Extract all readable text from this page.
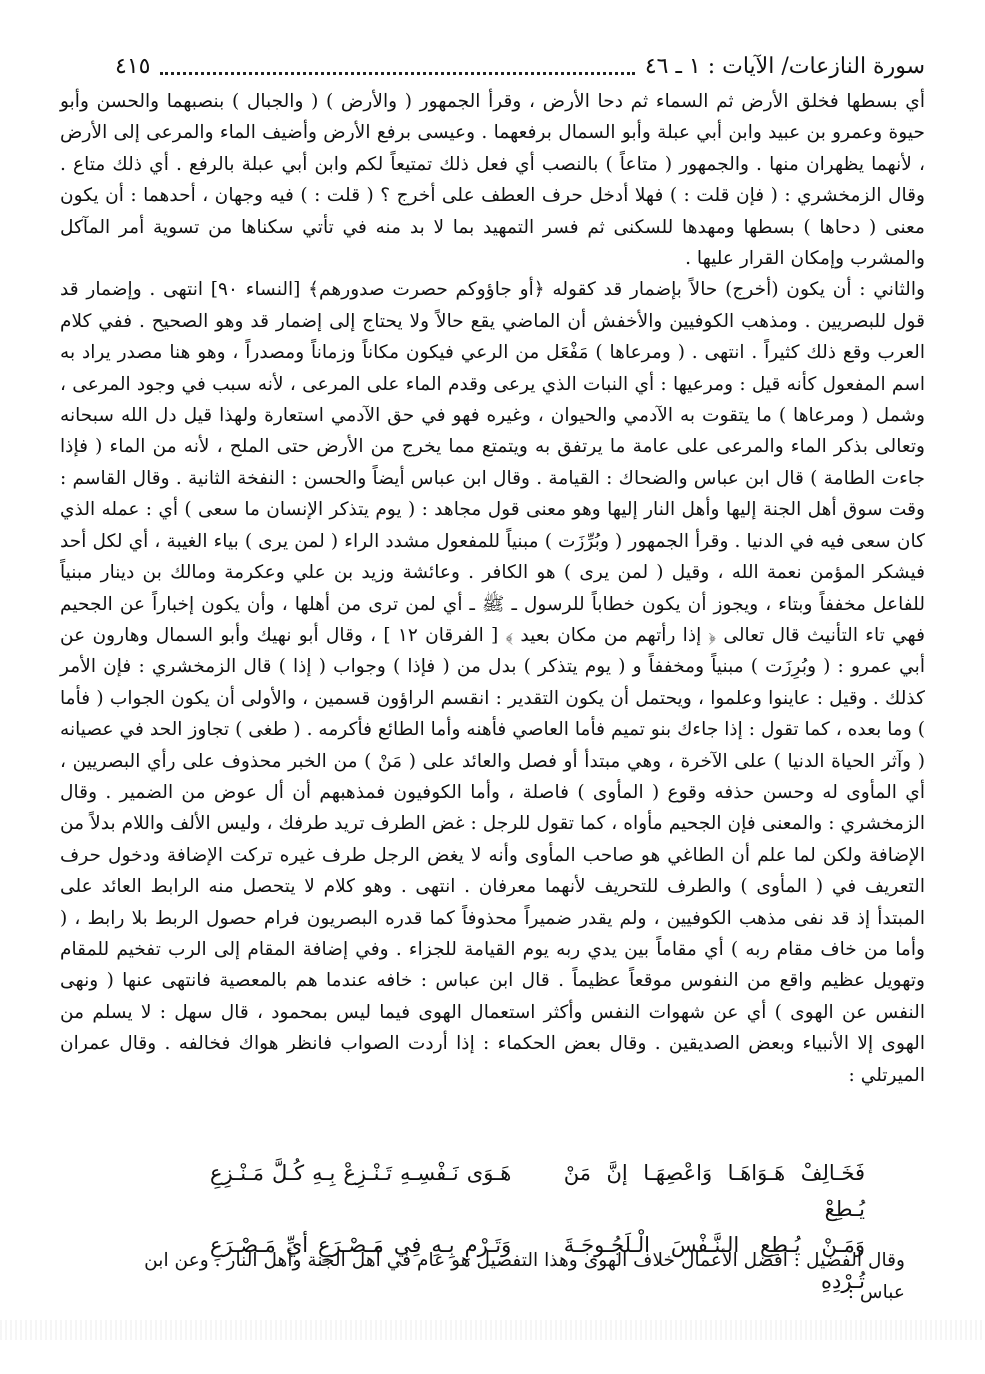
سورة النازعات/ الآيات : ١ ـ ٤٦
٤١٥

أي بسطها فخلق الأرض ثم السماء ثم دحا الأرض ، وقرأ الجمهور ( والأرض ) ( والجبال ) بنصبهما والحسن وأبو حيوة وعمرو بن عبيد وابن أبي عبلة وأبو السمال برفعهما . وعيسى برفع الأرض وأضيف الماء والمرعى إلى الأرض ، لأنهما يظهران منها . والجمهور ( متاعاً ) بالنصب أي فعل ذلك تمتيعاً لكم وابن أبي عبلة بالرفع . أي ذلك متاع . وقال الزمخشري : ( فإن قلت : ) فهلا أدخل حرف العطف على أخرج ؟ ( قلت : ) فيه وجهان ، أحدهما : أن يكون معنى ( دحاها ) بسطها ومهدها للسكنى ثم فسر التمهيد بما لا بد منه في تأتي سكناها من تسوية أمر المآكل والمشرب وإمكان القرار عليها .

والثاني : أن يكون (أخرج) حالاً بإضمار قد كقوله ﴿أو جاؤوكم حصرت صدورهم﴾ [النساء ٩٠] انتهى . وإضمار قد قول للبصريين . ومذهب الكوفيين والأخفش أن الماضي يقع حالاً ولا يحتاج إلى إضمار قد وهو الصحيح . ففي كلام العرب وقع ذلك كثيراً . انتهى . ( ومرعاها ) مَفْعَل من الرعي فيكون مكاناً وزماناً ومصدراً ، وهو هنا مصدر يراد به اسم المفعول كأنه قيل : ومرعيها : أي النبات الذي يرعى وقدم الماء على المرعى ، لأنه سبب في وجود المرعى ، وشمل ( ومرعاها ) ما يتقوت به الآدمي والحيوان ، وغيره فهو في حق الآدمي استعارة ولهذا قيل دل الله سبحانه وتعالى بذكر الماء والمرعى على عامة ما يرتفق به ويتمتع مما يخرج من الأرض حتى الملح ، لأنه من الماء ( فإذا جاءت الطامة ) قال ابن عباس والضحاك : القيامة . وقال ابن عباس أيضاً والحسن : النفخة الثانية . وقال القاسم : وقت سوق أهل الجنة إليها وأهل النار إليها وهو معنى قول مجاهد : ( يوم يتذكر الإنسان ما سعى ) أي : عمله الذي كان سعى فيه في الدنيا . وقرأ الجمهور ( وبُرِّزَت ) مبنياً للمفعول مشدد الراء ( لمن يرى ) بياء الغيبة ، أي لكل أحد فيشكر المؤمن نعمة الله ، وقيل ( لمن يرى ) هو الكافر . وعائشة وزيد بن علي وعكرمة ومالك بن دينار مبنياً للفاعل مخففاً وبتاء ، ويجوز أن يكون خطاباً للرسول ـ ﷺ ـ أي لمن ترى من أهلها ، وأن يكون إخباراً عن الجحيم فهي تاء التأنيث قال تعالى ﴿ إذا رأتهم من مكان بعيد ﴾ [ الفرقان ١٢ ] ، وقال أبو نهيك وأبو السمال وهارون عن أبي عمرو : ( وبُرِزَت ) مبنياً ومخففاً و ( يوم يتذكر ) بدل من ( فإذا ) وجواب ( إذا ) قال الزمخشري : فإن الأمر كذلك . وقيل : عاينوا وعلموا ، ويحتمل أن يكون التقدير : انقسم الراؤون قسمين ، والأولى أن يكون الجواب ( فأما ) وما بعده ، كما تقول : إذا جاءك بنو تميم فأما العاصي فأهنه وأما الطائع فأكرمه . ( طغى ) تجاوز الحد في عصيانه ( وآثر الحياة الدنيا ) على الآخرة ، وهي مبتدأ أو فصل والعائد على ( مَنْ ) من الخبر محذوف على رأي البصريين ، أي المأوى له وحسن حذفه وقوع ( المأوى ) فاصلة ، وأما الكوفيون فمذهبهم أن أل عوض من الضمير . وقال الزمخشري : والمعنى فإن الجحيم مأواه ، كما تقول للرجل : غض الطرف تريد طرفك ، وليس الألف واللام بدلاً من الإضافة ولكن لما علم أن الطاغي هو صاحب المأوى وأنه لا يغض الرجل طرف غيره تركت الإضافة ودخول حرف التعريف في ( المأوى ) والطرف للتحريف لأنهما معرفان . انتهى . وهو كلام لا يتحصل منه الرابط العائد على المبتدأ إذ قد نفى مذهب الكوفيين ، ولم يقدر ضميراً محذوفاً كما قدره البصريون فرام حصول الربط بلا رابط ، ( وأما من خاف مقام ربه ) أي مقاماً بين يدي ربه يوم القيامة للجزاء . وفي إضافة المقام إلى الرب تفخيم للمقام وتهويل عظيم واقع من النفوس موقعاً عظيماً . قال ابن عباس : خافه عندما هم بالمعصية فانتهى عنها ( ونهى النفس عن الهوى ) أي عن شهوات النفس وأكثر استعمال الهوى فيما ليس بمحمود ، قال سهل : لا يسلم من الهوى إلا الأنبياء وبعض الصديقين . وقال بعض الحكماء : إذا أردت الصواب فانظر هواك فخالفه . وقال عمران الميرتلي :

فَخَـالِفْ هَـوَاهَـا وَاعْصِهَـا إنَّ مَنْ يُـطِعْ
هَـوَى نَـفْسِـهِ تَـنْـزِعْ بِـهِ كُـلَّ مَـنْـزِعِ
وَمَـنْ يُـطِعِ الـنَّـفْسَ الْـلَجُـوجَـةَ تُـرْدِهِ
وَتَـرْمِ بِـهِ فِي مَـصْـرَعٍ أيِّ مَـصْـرَعِ
وقال الفضيل : أفضل الأعمال خلاف الهوى وهذا التفصيل هو عام في أهل الجنة وأهل النار . وعن ابن عباس :
